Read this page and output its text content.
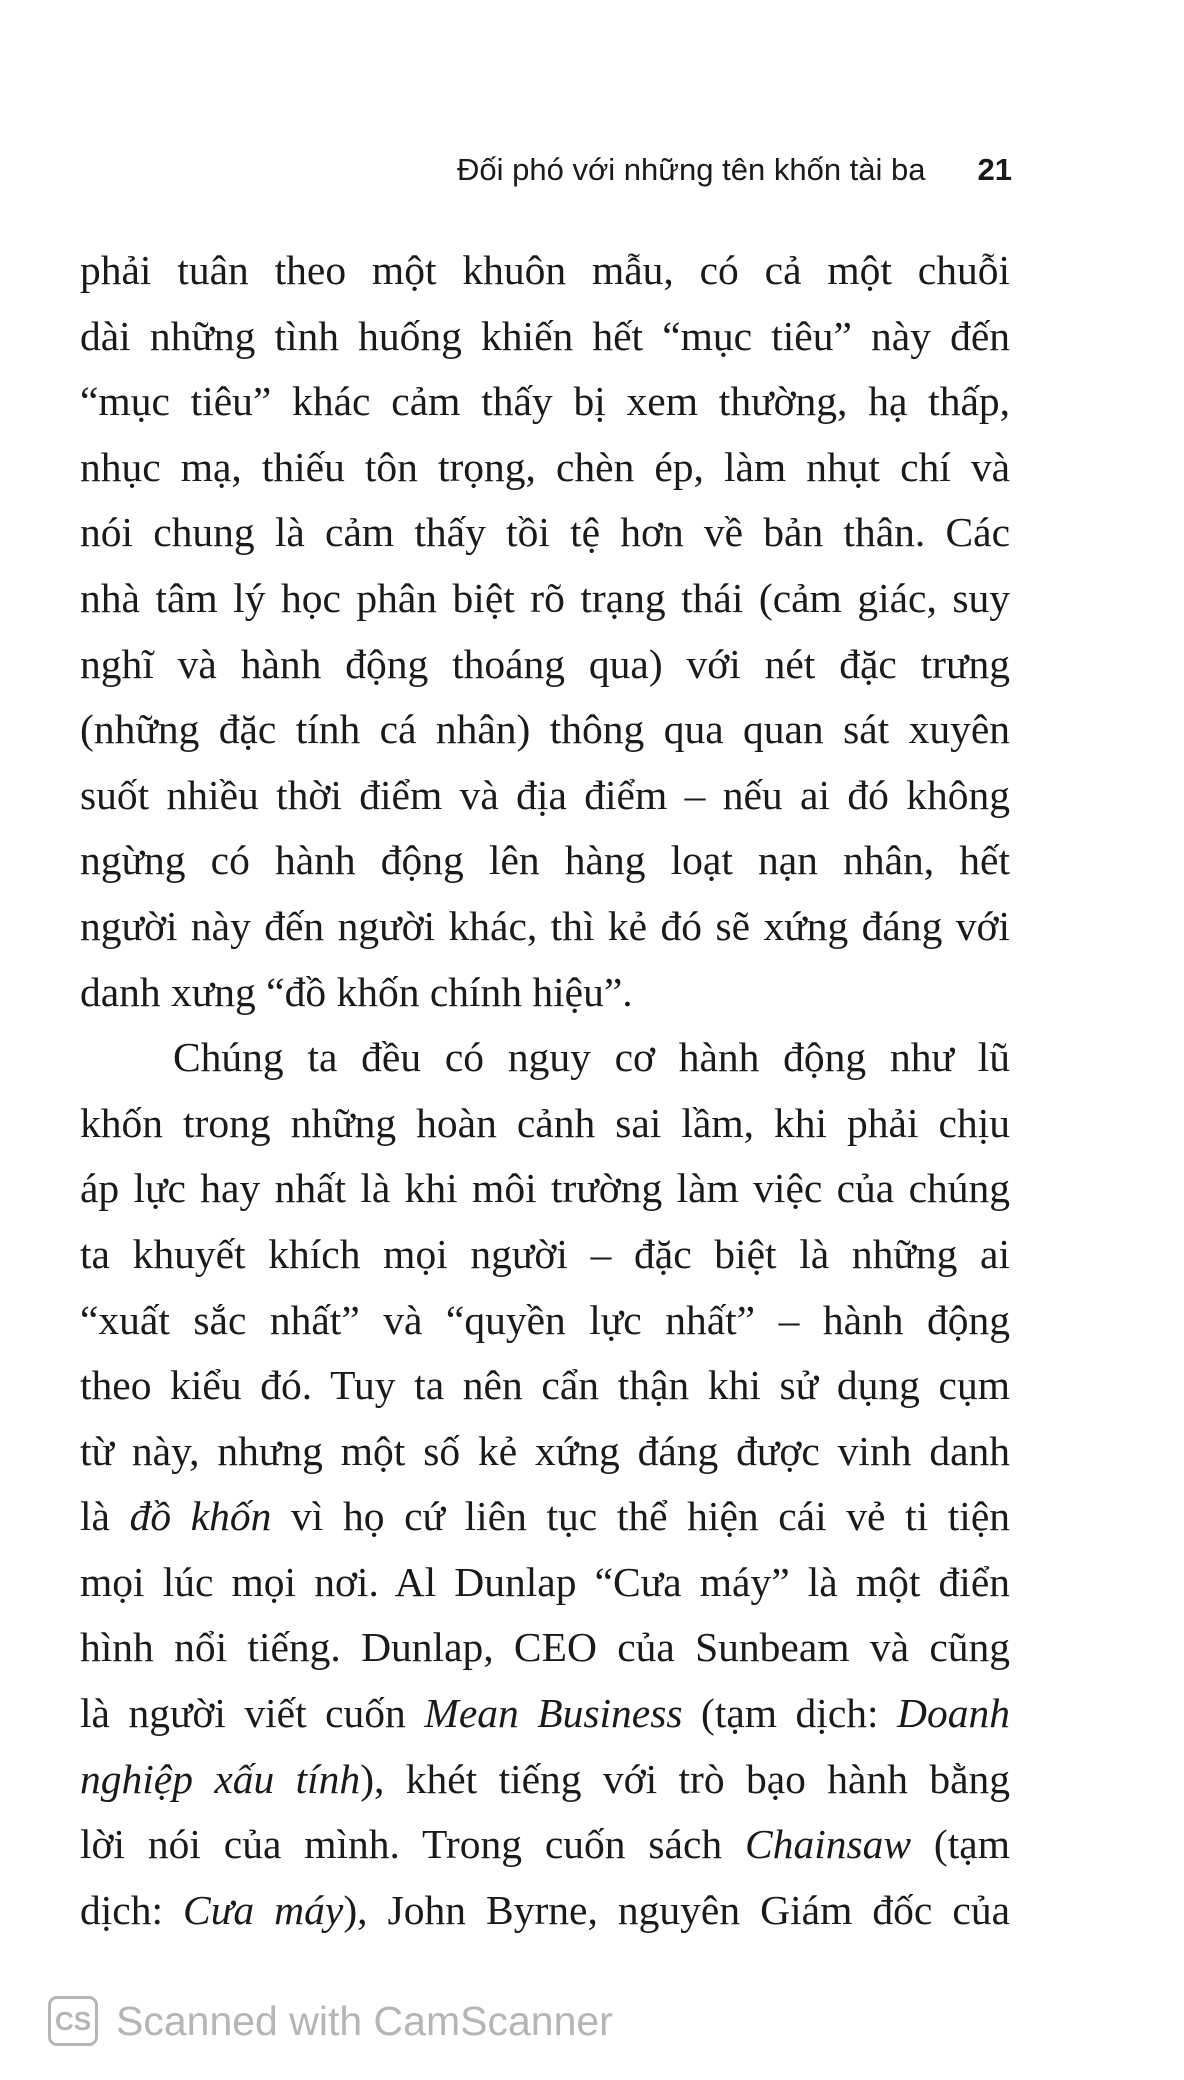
Đối phó với những tên khốn tài ba 21
phải tuân theo một khuôn mẫu, có cả một chuỗi
dài những tình huống khiến hết “mục tiêu” này đến
“mục tiêu” khác cảm thấy bị xem thường, hạ thấp,
nhục mạ, thiếu tôn trọng, chèn ép, làm nhụt chí và
nói chung là cảm thấy tồi tệ hơn về bản thân. Các
nhà tâm lý học phân biệt rõ trạng thái (cảm giác, suy
nghĩ và hành động thoáng qua) với nét đặc trưng
(những đặc tính cá nhân) thông qua quan sát xuyên
suốt nhiều thời điểm và địa điểm – nếu ai đó không
ngừng có hành động lên hàng loạt nạn nhân, hết
người này đến người khác, thì kẻ đó sẽ xứng đáng với
danh xưng “đồ khốn chính hiệu”.
Chúng ta đều có nguy cơ hành động như lũ
khốn trong những hoàn cảnh sai lầm, khi phải chịu
áp lực hay nhất là khi môi trường làm việc của chúng
ta khuyết khích mọi người – đặc biệt là những ai
“xuất sắc nhất” và “quyền lực nhất” – hành động
theo kiểu đó. Tuy ta nên cẩn thận khi sử dụng cụm
từ này, nhưng một số kẻ xứng đáng được vinh danh
là đồ khốn vì họ cứ liên tục thể hiện cái vẻ ti tiện
mọi lúc mọi nơi. Al Dunlap “Cưa máy” là một điển
hình nổi tiếng. Dunlap, CEO của Sunbeam và cũng
là người viết cuốn Mean Business (tạm dịch: Doanh
nghiệp xấu tính), khét tiếng với trò bạo hành bằng
lời nói của mình. Trong cuốn sách Chainsaw (tạm
dịch: Cưa máy), John Byrne, nguyên Giám đốc của
CS Scanned with CamScanner
